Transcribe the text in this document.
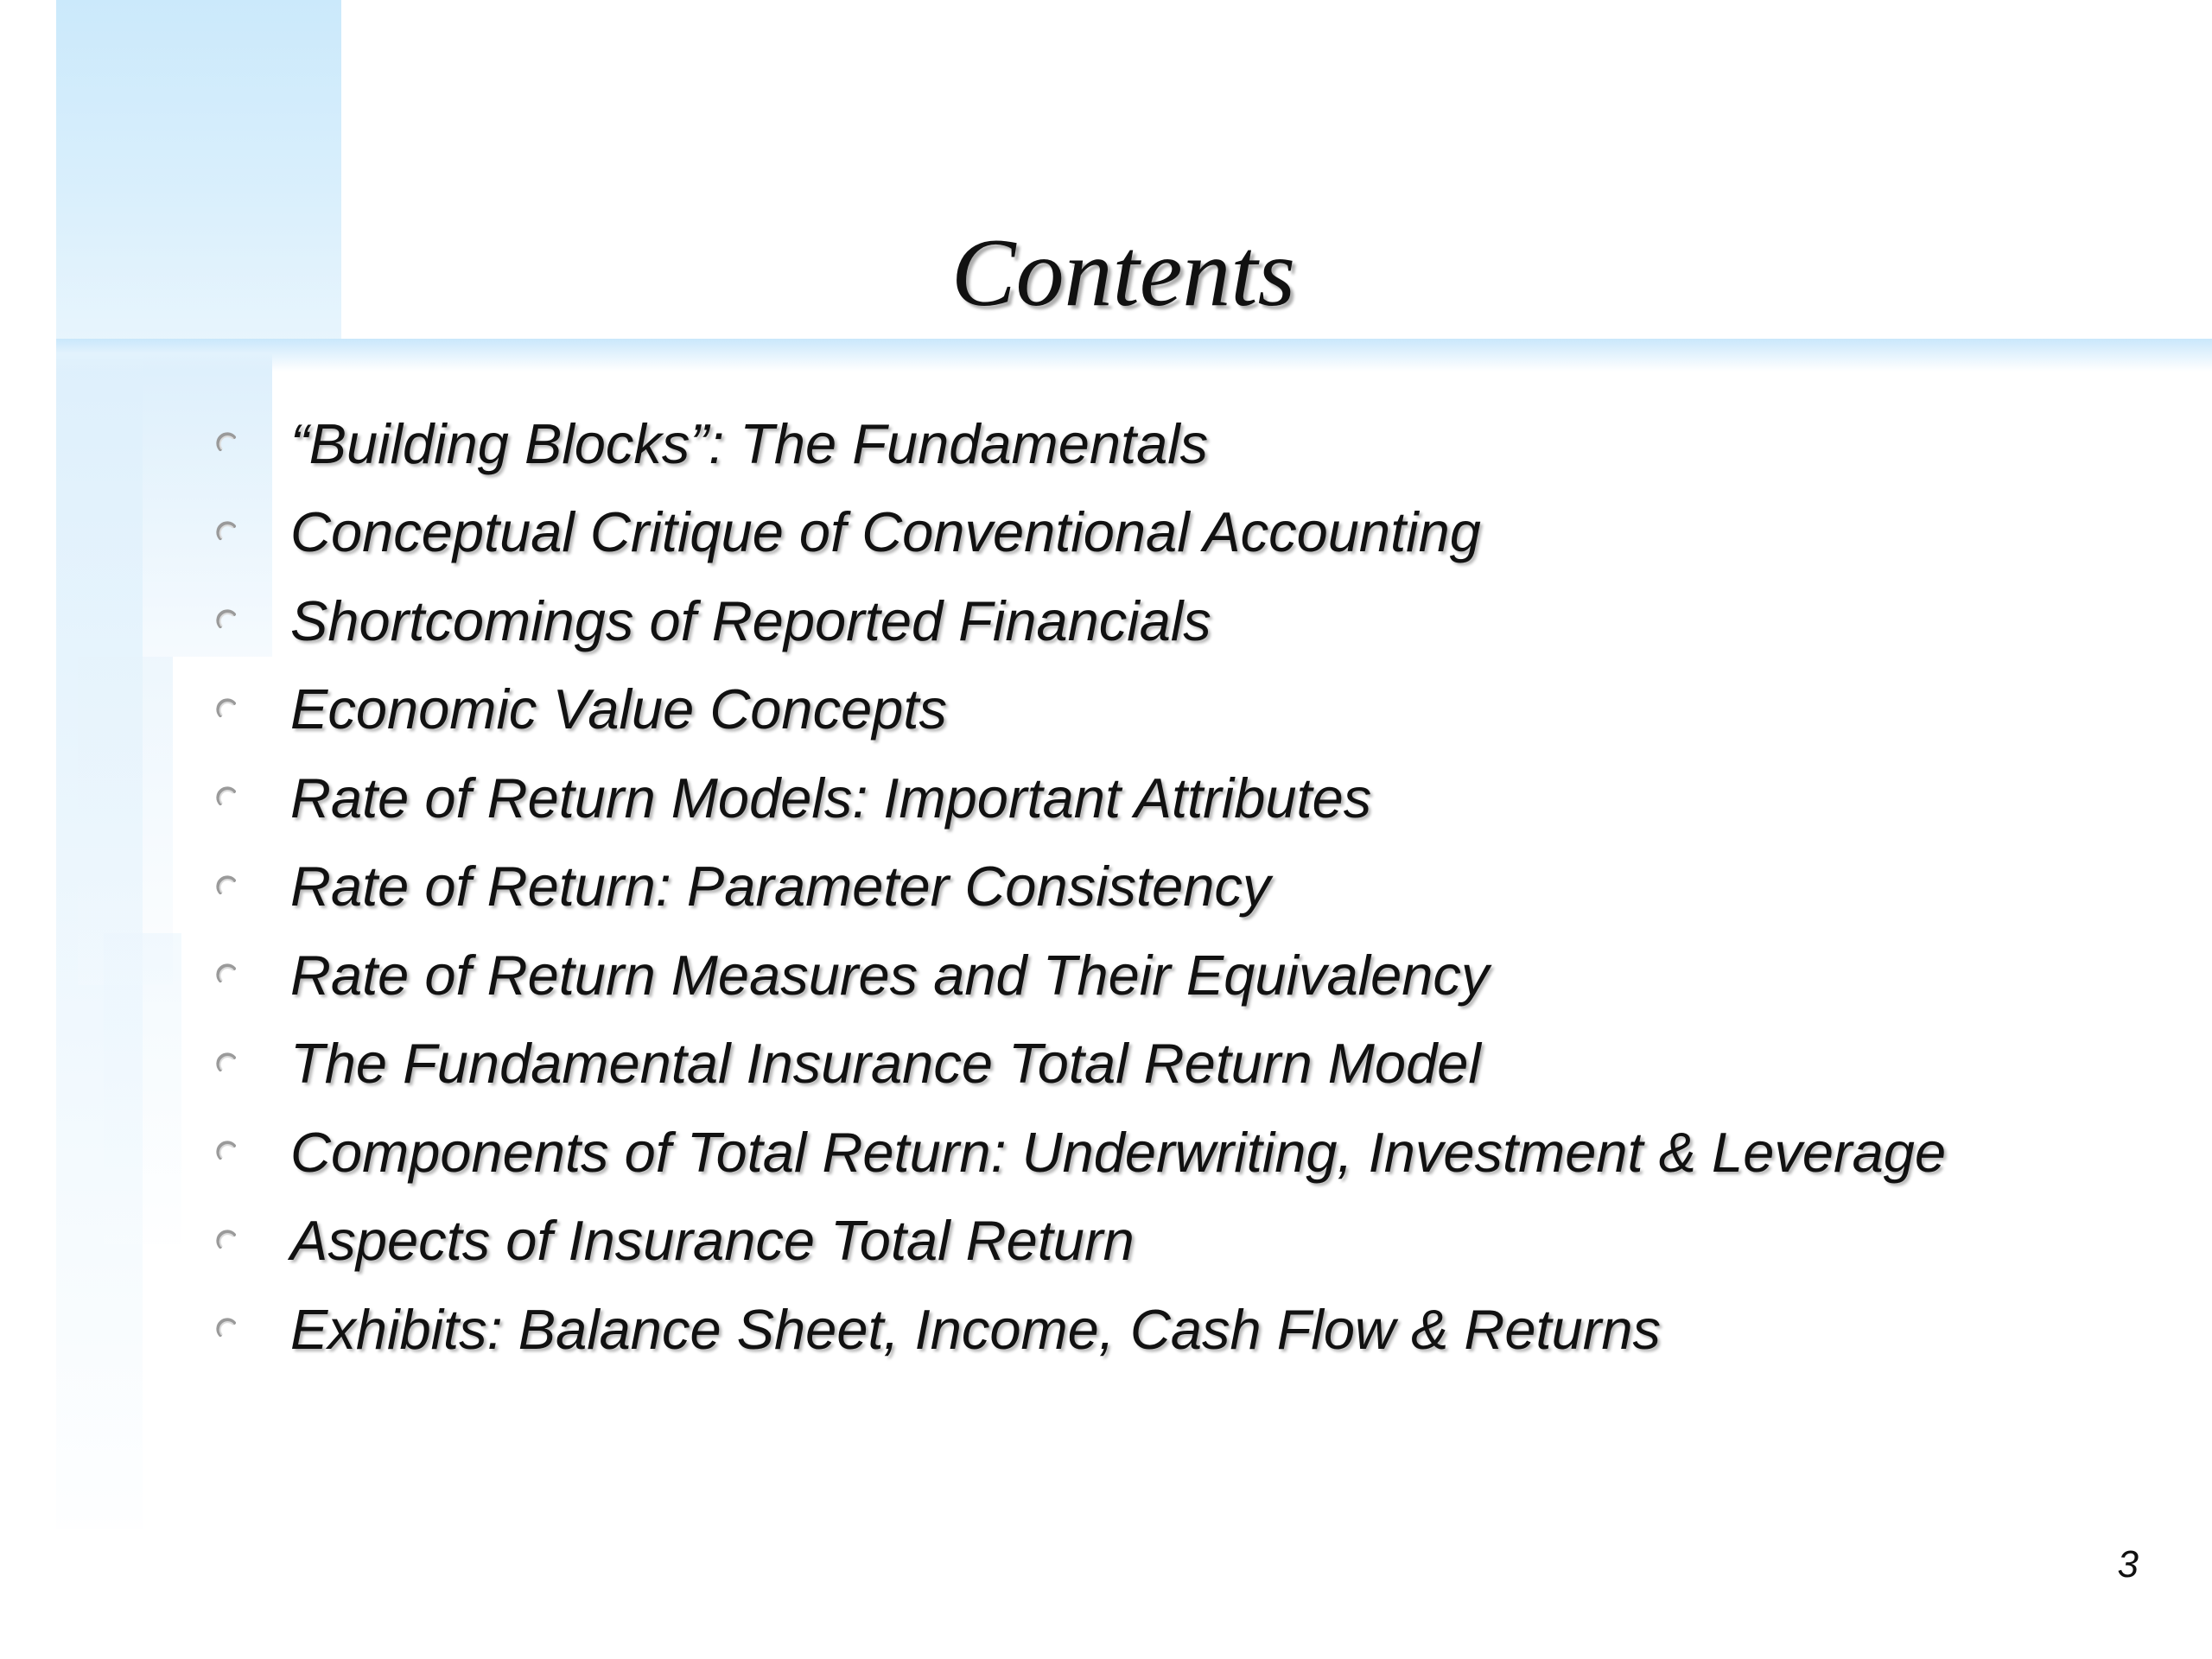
Contents
“Building Blocks”: The Fundamentals
Conceptual Critique of Conventional Accounting
Shortcomings of Reported Financials
Economic Value Concepts
Rate of Return Models: Important Attributes
Rate of Return: Parameter Consistency
Rate of Return Measures and Their Equivalency
The Fundamental Insurance Total Return Model
Components of Total Return: Underwriting, Investment & Leverage
Aspects of Insurance Total Return
Exhibits: Balance Sheet, Income, Cash Flow & Returns
3
